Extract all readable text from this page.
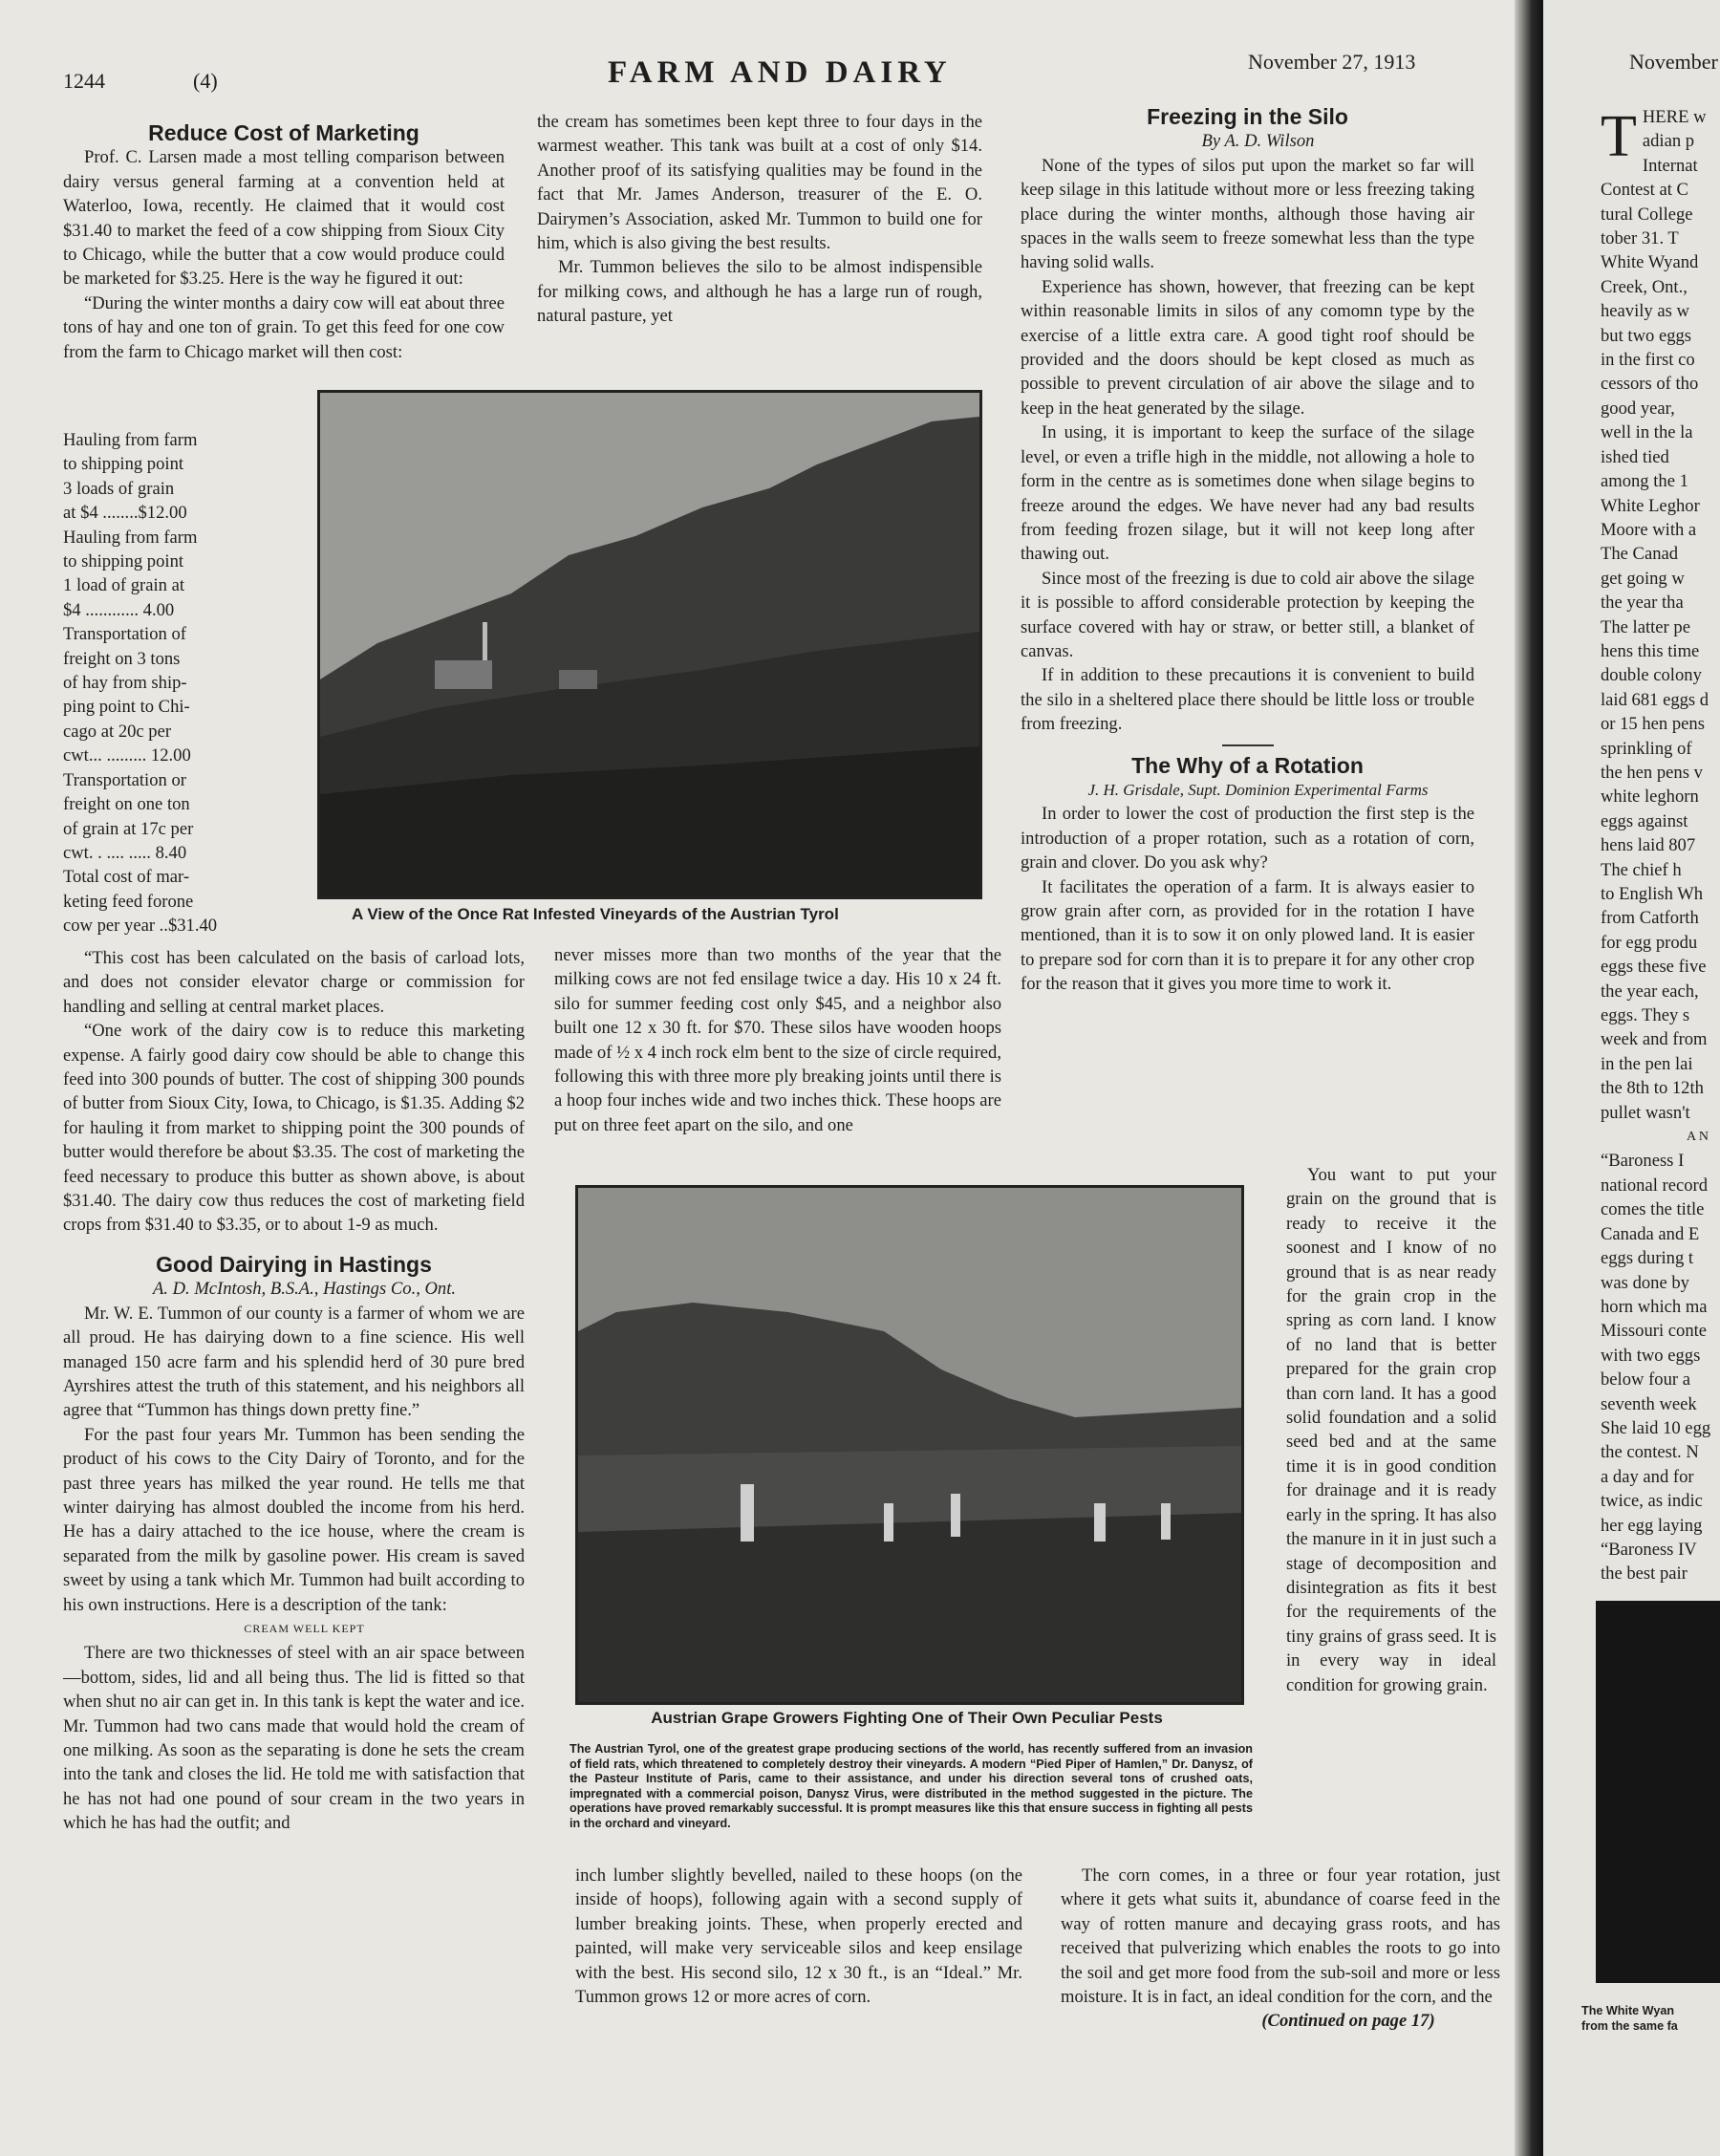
1244	(4)	FARM AND DAIRY	November 27, 1913
Reduce Cost of Marketing

Prof. C. Larsen made a most telling comparison between dairy versus general farming at a convention held at Waterloo, Iowa, recently. He claimed that it would cost $31.40 to market the feed of a cow shipping from Sioux City to Chicago, while the butter that a cow would produce could be marketed for $3.25. Here is the way he figured it out:

“During the winter months a dairy cow will eat about three tons of hay and one ton of grain. To get this feed for one cow from the farm to Chicago market will then cost:

Hauling from farm
to shipping point
3 loads of grain
at $4 ........$12.00
Hauling from farm
to shipping point
1 load of grain at
$4 ............ 4.00
Transportation of
freight on 3 tons
of hay from ship-
ping point to Chi-
cago at 20c per
cwt... ......... 12.00
Transportation or
freight on one ton
of grain at 17c per
cwt. . .... ..... 8.40
Total cost of mar-
keting feed forone
cow per year ..$31.40
A View of the Once Rat Infested Vineyards of the Austrian Tyrol

“This cost has been calculated on the basis of carload lots, and does not consider elevator charge or commission for handling and selling at central market places.

“One work of the dairy cow is to reduce this marketing expense. A fairly good dairy cow should be able to change this feed into 300 pounds of butter. The cost of shipping 300 pounds of butter from Sioux City, Iowa, to Chicago, is $1.35. Adding $2 for hauling it from market to shipping point the 300 pounds of butter would therefore be about $3.35. The cost of marketing the feed necessary to produce this butter as shown above, is about $31.40. The dairy cow thus reduces the cost of marketing field crops from $31.40 to $3.35, or to about 1-9 as much.

Good Dairying in Hastings

A. D. McIntosh, B.S.A., Hastings Co., Ont.

Mr. W. E. Tummon of our county is a farmer of whom we are all proud. He has dairying down to a fine science. His well managed 150 acre farm and his splendid herd of 30 pure bred Ayrshires attest the truth of this statement, and his neighbors all agree that “Tummon has things down pretty fine.”

For the past four years Mr. Tummon has been sending the product of his cows to the City Dairy of Toronto, and for the past three years has milked the year round. He tells me that winter dairying has almost doubled the income from his herd. He has a dairy attached to the ice house, where the cream is separated from the milk by gasoline power. His cream is saved sweet by using a tank which Mr. Tummon had built according to his own instructions. Here is a description of the tank:

CREAM WELL KEPT

There are two thicknesses of steel with an air space between—bottom, sides, lid and all being thus. The lid is fitted so that when shut no air can get in. In this tank is kept the water and ice. Mr. Tummon had two cans made that would hold the cream of one milking. As soon as the separating is done he sets the cream into the tank and closes the lid. He told me with satisfaction that he has not had one pound of sour cream in the two years in which he has had the outfit; and

the cream has sometimes been kept three to four days in the warmest weather. This tank was built at a cost of only $14. Another proof of its satisfying qualities may be found in the fact that Mr. James Anderson, treasurer of the E. O. Dairymen’s Association, asked Mr. Tummon to build one for him, which is also giving the best results.

Mr. Tummon believes the silo to be almost indispensible for milking cows, and although he has a large run of rough, natural pasture, yet

never misses more than two months of the year that the milking cows are not fed ensilage twice a day. His 10 x 24 ft. silo for summer feeding cost only $45, and a neighbor also built one 12 x 30 ft. for $70. These silos have wooden hoops made of ½ x 4 inch rock elm bent to the size of circle required, following this with three more ply breaking joints until there is a hoop four inches wide and two inches thick. These hoops are put on three feet apart on the silo, and one

Austrian Grape Growers Fighting One of Their Own Peculiar Pests
The Austrian Tyrol, one of the greatest grape producing sections of the world, has recently suffered from an invasion of field rats, which threatened to completely destroy their vineyards. A modern “Pied Piper of Hamlen,” Dr. Danysz, of the Pasteur Institute of Paris, came to their assistance, and under his direction several tons of crushed oats, impregnated with a commercial poison, Danysz Virus, were distributed in the method suggested in the picture. The operations have proved remarkably successful. It is prompt measures like this that ensure success in fighting all pests in the orchard and vineyard.

inch lumber slightly bevelled, nailed to these hoops (on the inside of hoops), following again with a second supply of lumber breaking joints. These, when properly erected and painted, will make very serviceable silos and keep ensilage with the best. His second silo, 12 x 30 ft., is an “Ideal.” Mr. Tummon grows 12 or more acres of corn.

Freezing in the Silo

By A. D. Wilson

None of the types of silos put upon the market so far will keep silage in this latitude without more or less freezing taking place during the winter months, although those having air spaces in the walls seem to freeze somewhat less than the type having solid walls.

Experience has shown, however, that freezing can be kept within reasonable limits in silos of any comomn type by the exercise of a little extra care. A good tight roof should be provided and the doors should be kept closed as much as possible to prevent circulation of air above the silage and to keep in the heat generated by the silage.

In using, it is important to keep the surface of the silage level, or even a trifle high in the middle, not allowing a hole to form in the centre as is sometimes done when silage begins to freeze around the edges. We have never had any bad results from feeding frozen silage, but it will not keep long after thawing out.

Since most of the freezing is due to cold air above the silage it is possible to afford considerable protection by keeping the surface covered with hay or straw, or better still, a blanket of canvas.

If in addition to these precautions it is convenient to build the silo in a sheltered place there should be little loss or trouble from freezing.

The Why of a Rotation

J. H. Grisdale, Supt. Dominion Experimental Farms

In order to lower the cost of production the first step is the introduction of a proper rotation, such as a rotation of corn, grain and clover. Do you ask why?

It facilitates the operation of a farm. It is always easier to grow grain after corn, as provided for in the rotation I have mentioned, than it is to sow it on only plowed land. It is easier to prepare sod for corn than it is to prepare it for any other crop for the reason that it gives you more time to work it.

You want to put your grain on the ground that is ready to receive it the soonest and I know of no ground that is as near ready for the grain crop in the spring as corn land. I know of no land that is better prepared for the grain crop than corn land. It has a good solid foundation and a solid seed bed and at the same time it is in good condition for drainage and it is ready early in the spring. It has also the manure in it in just such a stage of decomposition and disintegration as fits it best for the requirements of the tiny grains of grass seed. It is in every way in ideal condition for growing grain.

The corn comes, in a three or four year rotation, just where it gets what suits it, abundance of coarse feed in the way of rotten manure and decaying grass roots, and has received that pulverizing which enables the roots to go into the soil and get more food from the sub-soil and more or less moisture. It is in fact, an ideal condition for the corn, and the

(Continued on page 17)

November
T HERE w
adian p
Internat
Contest at C
tural College
tober 31. T
White Wyand
Creek, Ont.,
heavily as w
but two eggs
in the first co
cessors of tho
good year,
well in the la
ished tied
among the 1
White Leghor
Moore with a
The Canad
get going w
the year tha
The latter pe
hens this time
double colony
laid 681 eggs d
or 15 hen pens
sprinkling of
the hen pens v
white leghorn
eggs against
hens laid 807
The chief h
to English Wh
from Catforth
for egg produ
eggs these five
the year each,
eggs. They s
week and from
in the pen lai
the 8th to 12th
pullet wasn't
A N
“Baroness I
national record
comes the title
Canada and E
eggs during t
was done by
horn which ma
Missouri conte
with two eggs
below four a
seventh week
She laid 10 egg
the contest. N
a day and for
twice, as indic
her egg laying
“Baroness IV
the best pair
The White Wyan
from the same fa
